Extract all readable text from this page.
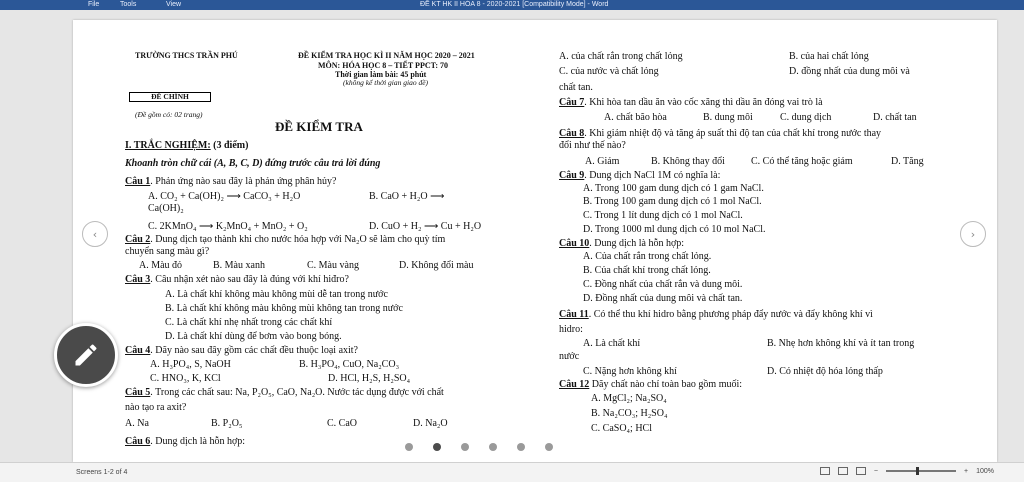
File	Tools	View	ĐỀ KT HK II HÓA 8 - 2020-2021 [Compatibility Mode] - Word
TRƯỜNG THCS TRẦN PHÚ	ĐỀ KIỂM TRA HỌC KÌ II NĂM HỌC 2020 – 2021
MÔN: HÓA HỌC 8 – TIẾT PPCT: 70
Thời gian làm bài: 45 phút
(không kể thời gian giao đề)
ĐỀ CHÍNH
(Đề gồm có: 02 trang)
ĐỀ KIỂM TRA
I. TRẮC NGHIỆM: (3 điểm)
Khoanh tròn chữ cái (A, B, C, D) đứng trước câu trả lời đúng
Câu 1. Phản ứng nào sau đây là phản ứng phân hủy?
A. CO₂ + Ca(OH)₂ ⟶ CaCO₃ + H₂O	B. CaO + H₂O ⟶
Ca(OH)₂
C. 2KMnO₄ ⟶ K₂MnO₄ + MnO₂ + O₂	D. CuO + H₂ ⟶ Cu + H₂O
Câu 2. Dung dịch tạo thành khi cho nước hóa hợp với Na₂O sẽ làm cho quỳ tím
chuyển sang màu gì?
A. Màu đỏ	B. Màu xanh	C. Màu vàng	D. Không đổi màu
Câu 3. Câu nhận xét nào sau đây là đúng với khí hiđro?
A. Là chất khí không màu không mùi dễ tan trong nước
B. Là chất khí không màu không mùi không tan trong nước
C. Là chất khí nhẹ nhất trong các chất khí
D. Là chất khí dùng để bơm vào bong bóng.
Câu 4. Dãy nào sau đây gồm các chất đều thuộc loại axit?
A. H₃PO₄, S, NaOH	B. H₃PO₄, CuO, Na₂CO₃
C. HNO₃, K, KCl	D. HCl, H₂S, H₂SO₄
Câu 5. Trong các chất sau: Na, P₂O₅, CaO, Na₂O. Nước tác dụng được với chất
nào tạo ra axit?
A. Na	B. P₂O₅	C. CaO	D. Na₂O
Câu 6. Dung dịch là hỗn hợp:
A. của chất rắn trong chất lỏng	B. của hai chất lỏng
C. của nước và chất lỏng	D. đồng nhất của dung môi và
chất tan.
Câu 7. Khi hòa tan dầu ăn vào cốc xăng thì dầu ăn đóng vai trò là
A. chất bão hòa	B. dung môi	C. dung dịch	D. chất tan
Câu 8. Khi giảm nhiệt độ và tăng áp suất thì độ tan của chất khí trong nước thay
đổi như thế nào?
A. Giảm	B. Không thay đổi	C. Có thể tăng hoặc giảm	D. Tăng
Câu 9. Dung dịch NaCl 1M có nghĩa là:
A. Trong 100 gam dung dịch có 1 gam NaCl.
B. Trong 100 gam dung dịch có 1 mol NaCl.
C. Trong 1 lít dung dịch có 1 mol NaCl.
D. Trong 1000 ml dung dịch có 10 mol NaCl.
Câu 10. Dung dịch là hỗn hợp:
A. Của chất rắn trong chất lỏng.
B. Của chất khí trong chất lỏng.
C. Đồng nhất của chất rắn và dung môi.
D. Đồng nhất của dung môi và chất tan.
Câu 11. Có thể thu khí hidro bằng phương pháp đẩy nước và đẩy không khí vì
hidro:
A. Là chất khí	B. Nhẹ hơn không khí và ít tan trong
nước
C. Nặng hơn không khí	D. Có nhiệt độ hóa lỏng thấp
Câu 12 Dãy chất nào chỉ toàn bao gồm muối:
A. MgCl₂; Na₂SO₄
B. Na₂CO₃; H₂SO₄
C. CaSO₄; HCl
‹	›
Screens 1-2 of 4	−	+ 100%
